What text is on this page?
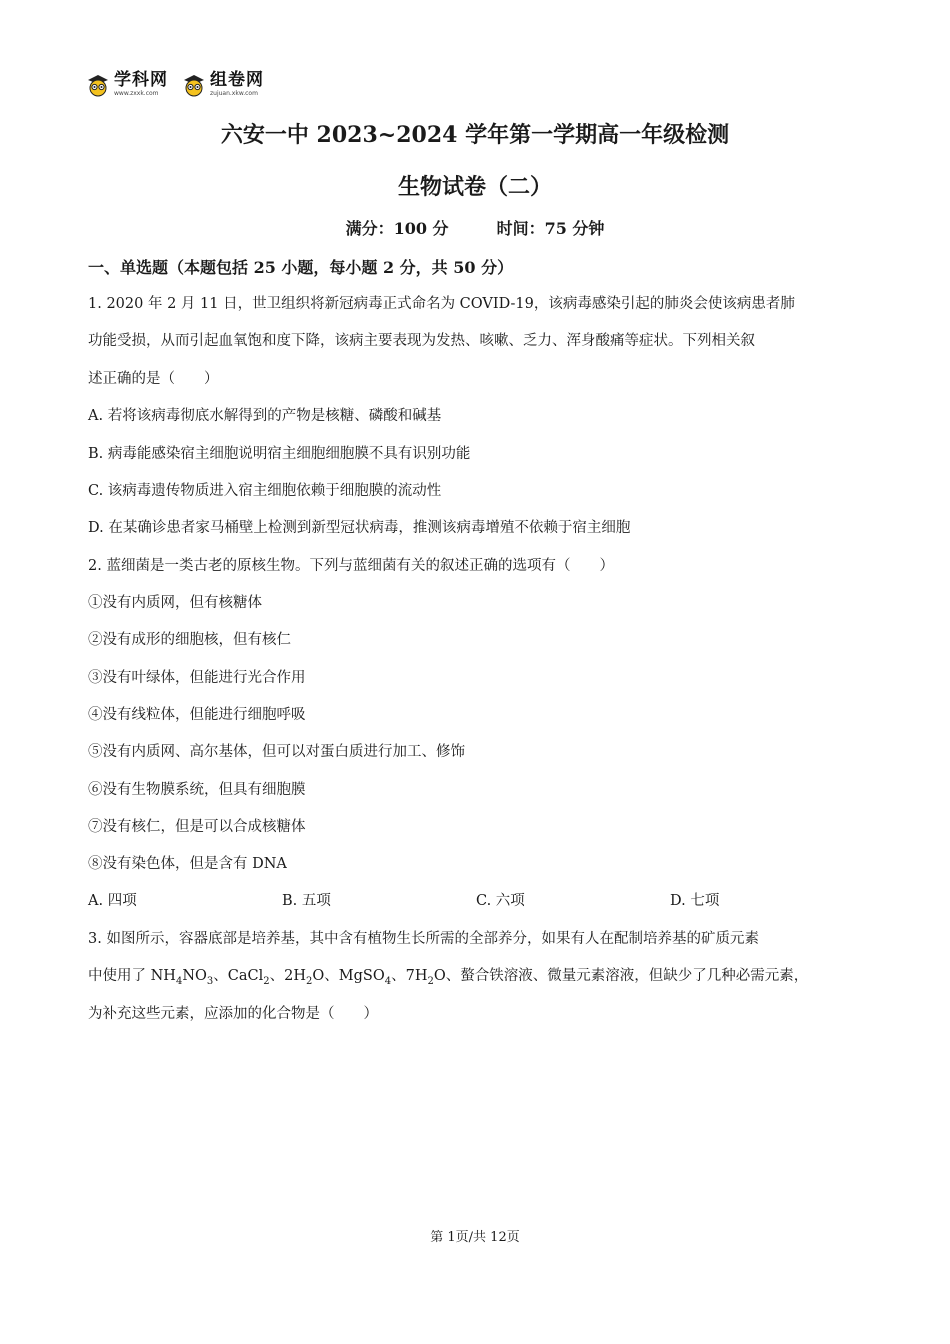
学科网
www.zxxk.com
组卷网
zujuan.xkw.com
六安一中 2023~2024 学年第一学期高一年级检测
生物试卷（二）
满分：100 分	时间：75 分钟
一、单选题（本题包括 25 小题，每小题 2 分，共 50 分）
1. 2020 年 2 月 11 日，世卫组织将新冠病毒正式命名为 COVID-19，该病毒感染引起的肺炎会使该病患者肺
功能受损，从而引起血氧饱和度下降，该病主要表现为发热、咳嗽、乏力、浑身酸痛等症状。下列相关叙
述正确的是（　　）
A. 若将该病毒彻底水解得到的产物是核糖、磷酸和碱基
B. 病毒能感染宿主细胞说明宿主细胞细胞膜不具有识别功能
C. 该病毒遗传物质进入宿主细胞依赖于细胞膜的流动性
D. 在某确诊患者家马桶壁上检测到新型冠状病毒，推测该病毒增殖不依赖于宿主细胞
2. 蓝细菌是一类古老的原核生物。下列与蓝细菌有关的叙述正确的选项有（　　）
①没有内质网，但有核糖体
②没有成形的细胞核，但有核仁
③没有叶绿体，但能进行光合作用
④没有线粒体，但能进行细胞呼吸
⑤没有内质网、高尔基体，但可以对蛋白质进行加工、修饰
⑥没有生物膜系统，但具有细胞膜
⑦没有核仁，但是可以合成核糖体
⑧没有染色体，但是含有 DNA
A. 四项	B. 五项	C. 六项	D. 七项
3. 如图所示，容器底部是培养基，其中含有植物生长所需的全部养分，如果有人在配制培养基的矿质元素
中使用了 $NH_4NO_3$、CaCl$_2$、$2H_2O$、MgSO$_4$、$7H_2O$、螯合铁溶液、微量元素溶液，但缺少了几种必需元素，
为补充这些元素，应添加的化合物是（　　）
第 1页/共 12页
